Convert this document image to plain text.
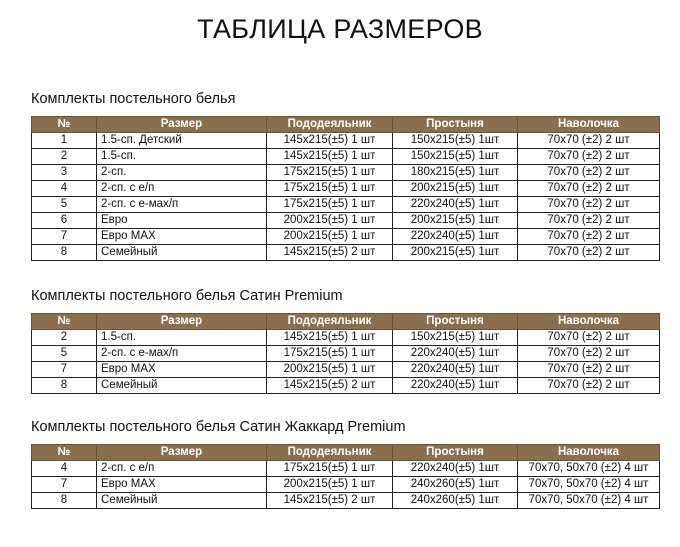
ТАБЛИЦА РАЗМЕРОВ
Комплекты постельного белья
№	Размер	Пододеяльник	Простыня	Наволочка
1	1.5-сп. Детский	145x215(±5) 1 шт	150x215(±5) 1шт	70x70 (±2) 2 шт
2	1.5-сп.	145x215(±5) 1 шт	150x215(±5) 1шт	70x70 (±2) 2 шт
3	2-сп.	175x215(±5) 1 шт	180x215(±5) 1шт	70x70 (±2) 2 шт
4	2-сп. с е/п	175x215(±5) 1 шт	200x215(±5) 1шт	70x70 (±2) 2 шт
5	2-сп. с е-мах/п	175x215(±5) 1 шт	220x240(±5) 1шт	70x70 (±2) 2 шт
6	Евро	200x215(±5) 1 шт	200x215(±5) 1шт	70x70 (±2) 2 шт
7	Евро MAX	200x215(±5) 1 шт	220x240(±5) 1шт	70x70 (±2) 2 шт
8	Семейный	145x215(±5) 2 шт	200x215(±5) 1шт	70x70 (±2) 2 шт
Комплекты постельного белья Сатин Premium
№	Размер	Пододеяльник	Простыня	Наволочка
2	1.5-сп.	145x215(±5) 1 шт	150x215(±5) 1шт	70x70 (±2) 2 шт
5	2-сп. с е-мах/п	175x215(±5) 1 шт	220x240(±5) 1шт	70x70 (±2) 2 шт
7	Евро MAX	200x215(±5) 1 шт	220x240(±5) 1шт	70x70 (±2) 2 шт
8	Семейный	145x215(±5) 2 шт	220x240(±5) 1шт	70x70 (±2) 2 шт
Комплекты постельного белья Сатин Жаккард Premium
№	Размер	Пододеяльник	Простыня	Наволочка
4	2-сп. с е/п	175x215(±5) 1 шт	220x240(±5) 1шт	70x70, 50x70 (±2) 4 шт
7	Евро MAX	200x215(±5) 1 шт	240x260(±5) 1шт	70x70, 50x70 (±2) 4 шт
8	Семейный	145x215(±5) 2 шт	240x260(±5) 1шт	70x70, 50x70 (±2) 4 шт
